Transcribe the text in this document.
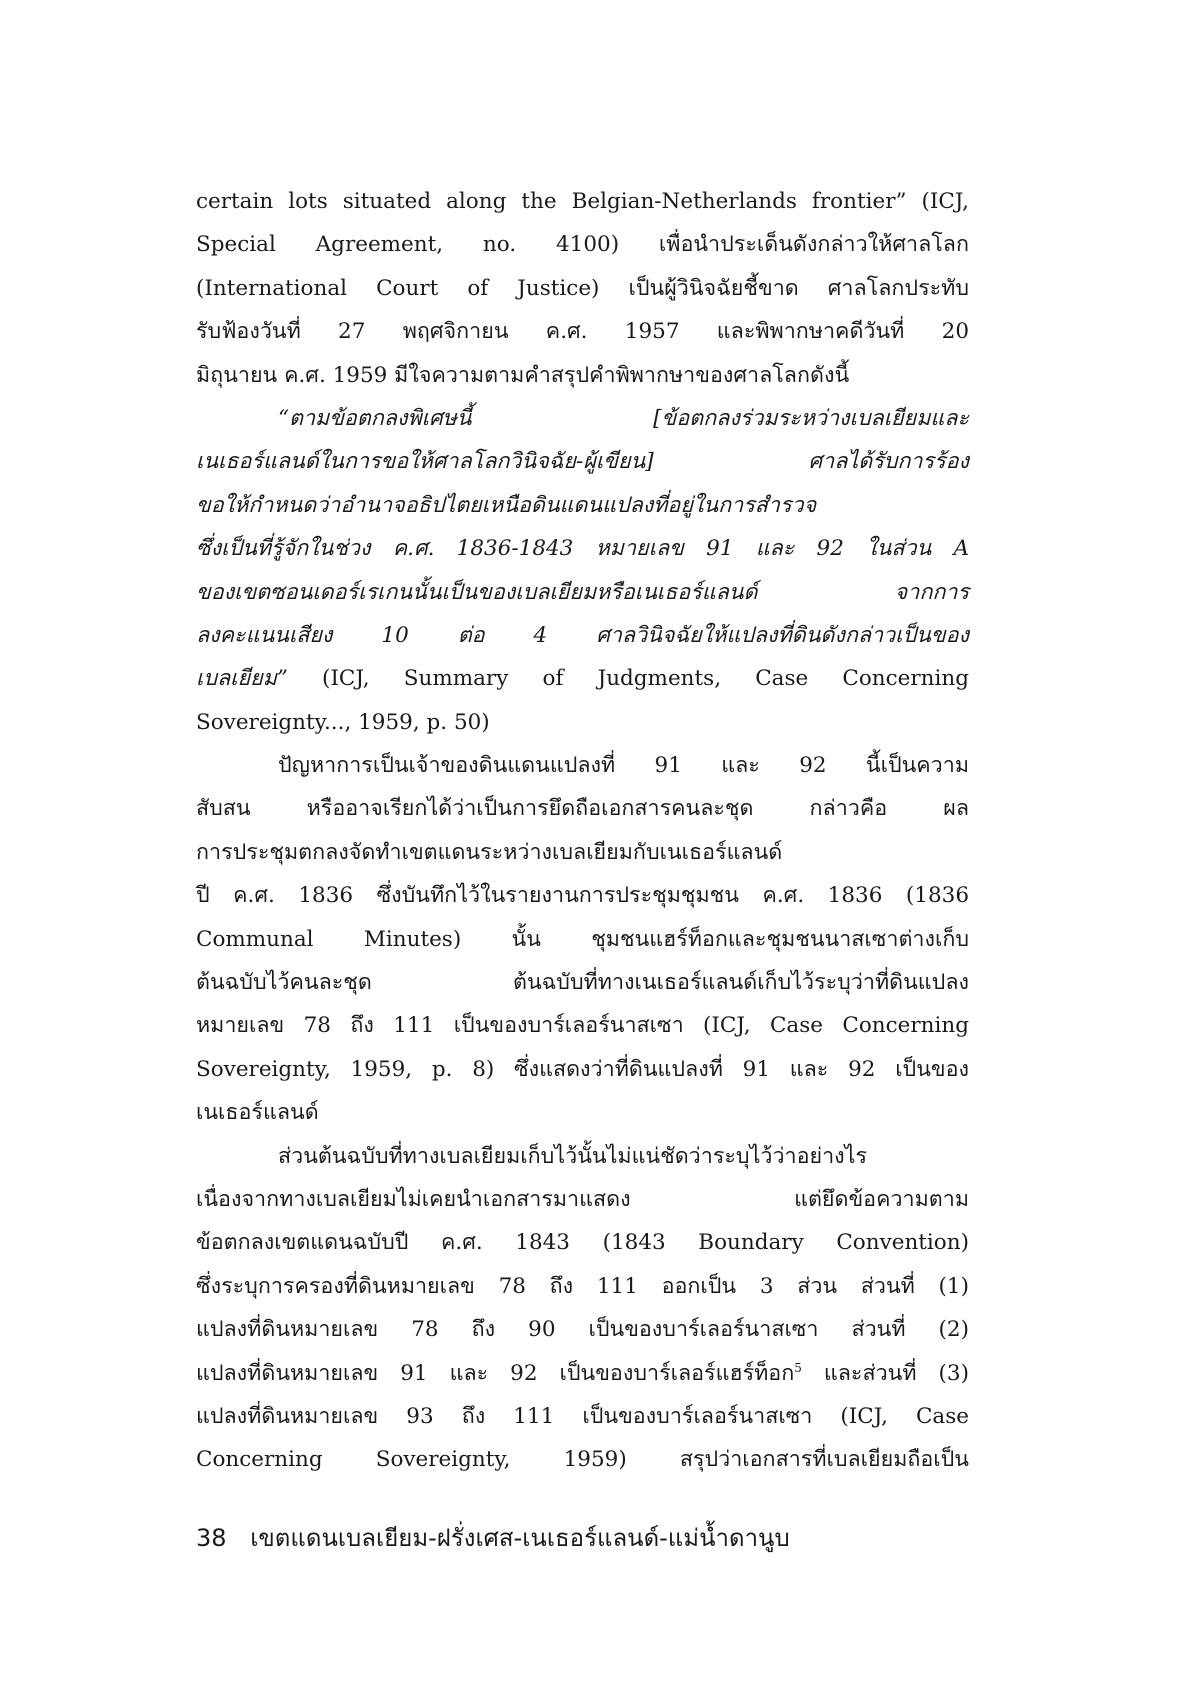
certain lots situated along the Belgian-Netherlands frontier” (ICJ,
Special Agreement, no. 4100) เพื่อนำประเด็นดังกล่าวให้ศาลโลก
(International Court of Justice) เป็นผู้วินิจฉัยชี้ขาด ศาลโลกประทับ
รับฟ้องวันที่ 27 พฤศจิกายน ค.ศ. 1957 และพิพากษาคดีวันที่ 20
มิถุนายน ค.ศ. 1959 มีใจความตามคำสรุปคำพิพากษาของศาลโลกดังนี้
“ตามข้อตกลงพิเศษนี้ [ข้อตกลงร่วมระหว่างเบลเยียมและ
เนเธอร์แลนด์ในการขอให้ศาลโลกวินิจฉัย-ผู้เขียน] ศาลได้รับการร้อง
ขอให้กำหนดว่าอำนาจอธิปไตยเหนือดินแดนแปลงที่อยู่ในการสำรวจ
ซึ่งเป็นที่รู้จักในช่วง ค.ศ. 1836-1843 หมายเลข 91 และ 92 ในส่วน A
ของเขตซอนเดอร์เรเกนนั้นเป็นของเบลเยียมหรือเนเธอร์แลนด์ จากการ
ลงคะแนนเสียง 10 ต่อ 4 ศาลวินิจฉัยให้แปลงที่ดินดังกล่าวเป็นของ
เบลเยียม” (ICJ, Summary of Judgments, Case Concerning
Sovereignty..., 1959, p. 50)
ปัญหาการเป็นเจ้าของดินแดนแปลงที่ 91 และ 92 นี้เป็นความ
สับสน หรืออาจเรียกได้ว่าเป็นการยึดถือเอกสารคนละชุด กล่าวคือ ผล
การประชุมตกลงจัดทำเขตแดนระหว่างเบลเยียมกับเนเธอร์แลนด์
ปี ค.ศ. 1836 ซึ่งบันทึกไว้ในรายงานการประชุมชุมชน ค.ศ. 1836 (1836
Communal Minutes) นั้น ชุมชนแฮร์ท็อกและชุมชนนาสเซาต่างเก็บ
ต้นฉบับไว้คนละชุด ต้นฉบับที่ทางเนเธอร์แลนด์เก็บไว้ระบุว่าที่ดินแปลง
หมายเลข 78 ถึง 111 เป็นของบาร์เลอร์นาสเซา (ICJ, Case Concerning
Sovereignty, 1959, p. 8) ซึ่งแสดงว่าที่ดินแปลงที่ 91 และ 92 เป็นของ
เนเธอร์แลนด์
ส่วนต้นฉบับที่ทางเบลเยียมเก็บไว้นั้นไม่แน่ชัดว่าระบุไว้ว่าอย่างไร
เนื่องจากทางเบลเยียมไม่เคยนำเอกสารมาแสดง แต่ยึดข้อความตาม
ข้อตกลงเขตแดนฉบับปี ค.ศ. 1843 (1843 Boundary Convention)
ซึ่งระบุการครองที่ดินหมายเลข 78 ถึง 111 ออกเป็น 3 ส่วน ส่วนที่ (1)
แปลงที่ดินหมายเลข 78 ถึง 90 เป็นของบาร์เลอร์นาสเซา ส่วนที่ (2)
แปลงที่ดินหมายเลข 91 และ 92 เป็นของบาร์เลอร์แฮร์ท็อก$^5$ และส่วนที่ (3)
แปลงที่ดินหมายเลข 93 ถึง 111 เป็นของบาร์เลอร์นาสเซา (ICJ, Case
Concerning Sovereignty, 1959) สรุปว่าเอกสารที่เบลเยียมถือเป็น
38 เขตแดนเบลเยียม-ฝรั่งเศส-เนเธอร์แลนด์-แม่น้ำดานูบ
